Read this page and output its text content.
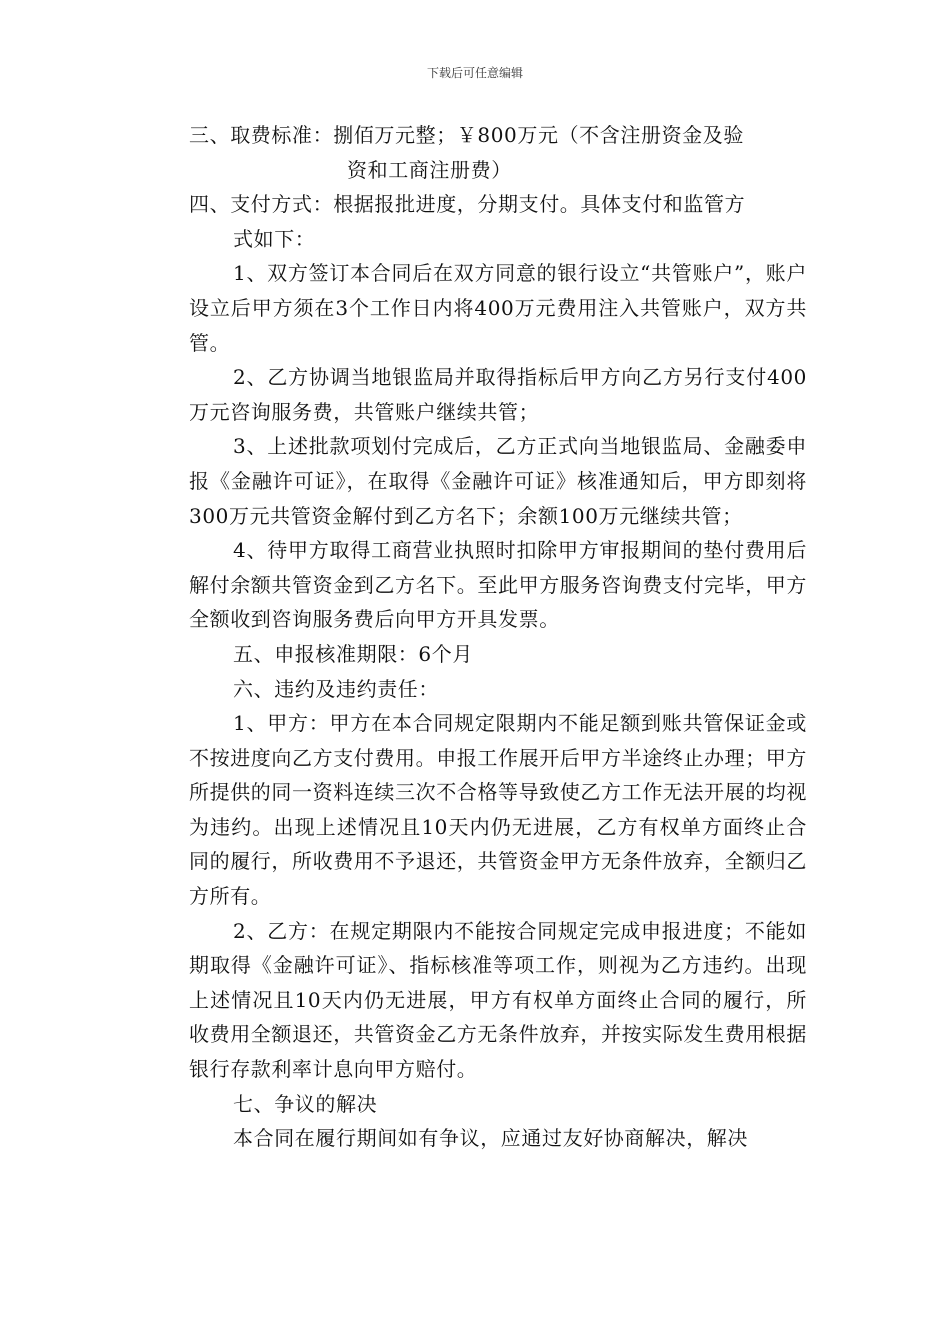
下载后可任意编辑

三、取费标准：捌佰万元整；￥800万元（不含注册资金及验

资和工商注册费）

四、支付方式：根据报批进度，分期支付。具体支付和监管方

式如下：

1、双方签订本合同后在双方同意的银行设立“共管账户”，账户设立后甲方须在3个工作日内将400万元费用注入共管账户，双方共管。

2、乙方协调当地银监局并取得指标后甲方向乙方另行支付400万元咨询服务费，共管账户继续共管；

3、上述批款项划付完成后，乙方正式向当地银监局、金融委申报《金融许可证》，在取得《金融许可证》核准通知后，甲方即刻将300万元共管资金解付到乙方名下；余额100万元继续共管；

4、待甲方取得工商营业执照时扣除甲方审报期间的垫付费用后解付余额共管资金到乙方名下。至此甲方服务咨询费支付完毕，甲方全额收到咨询服务费后向甲方开具发票。

五、申报核准期限：6个月

六、违约及违约责任：

1、甲方：甲方在本合同规定限期内不能足额到账共管保证金或不按进度向乙方支付费用。申报工作展开后甲方半途终止办理；甲方所提供的同一资料连续三次不合格等导致使乙方工作无法开展的均视为违约。出现上述情况且10天内仍无进展，乙方有权单方面终止合同的履行，所收费用不予退还，共管资金甲方无条件放弃，全额归乙方所有。

2、乙方：在规定期限内不能按合同规定完成申报进度；不能如期取得《金融许可证》、指标核准等项工作，则视为乙方违约。出现上述情况且10天内仍无进展，甲方有权单方面终止合同的履行，所收费用全额退还，共管资金乙方无条件放弃，并按实际发生费用根据银行存款利率计息向甲方赔付。

七、争议的解决

本合同在履行期间如有争议，应通过友好协商解决，解决
